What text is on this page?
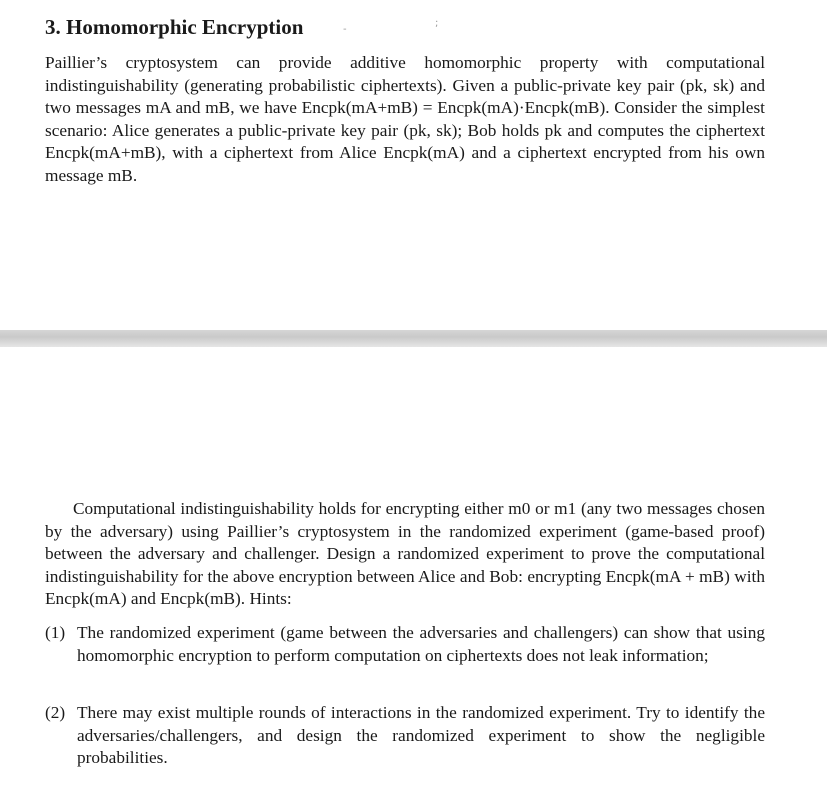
3. Homomorphic Encryption	-
;

Paillier’s cryptosystem can provide additive homomorphic property with computational indistinguishability (generating probabilistic ciphertexts). Given a public-private key pair (pk, sk) and two messages mA and mB, we have Encpk(mA+mB) = Encpk(mA)·Encpk(mB). Consider the simplest scenario: Alice generates a public-private key pair (pk, sk); Bob holds pk and computes the ciphertext Encpk(mA+mB), with a ciphertext from Alice Encpk(mA) and a ciphertext encrypted from his own message mB.

Computational indistinguishability holds for encrypting either m0 or m1 (any two messages chosen by the adversary) using Paillier’s cryptosystem in the randomized experiment (game-based proof) between the adversary and challenger. Design a randomized experiment to prove the computational indistinguishability for the above encryption between Alice and Bob: encrypting Encpk(mA + mB) with Encpk(mA) and Encpk(mB). Hints:

(1) The randomized experiment (game between the adversaries and challengers) can show that using homomorphic encryption to perform computation on ciphertexts does not leak information;
(2) There may exist multiple rounds of interactions in the randomized experiment. Try to identify the adversaries/challengers, and design the randomized experiment to show the negligible probabilities.
